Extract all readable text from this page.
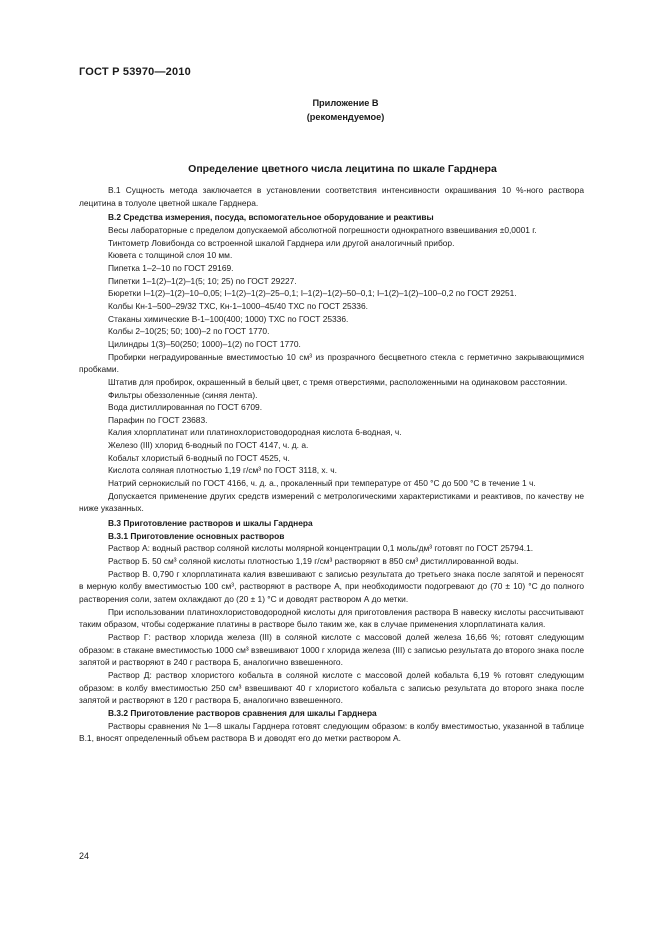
ГОСТ Р 53970—2010
Приложение В
(рекомендуемое)
Определение цветного числа лецитина по шкале Гарднера

В.1 Сущность метода заключается в установлении соответствия интенсивности окрашивания 10 %-ного раствора лецитина в толуоле цветной шкале Гарднера.

В.2 Средства измерения, посуда, вспомогательное оборудование и реактивы

Весы лабораторные с пределом допускаемой абсолютной погрешности однократного взвешивания ±0,0001 г.

Тинтометр Ловибонда со встроенной шкалой Гарднера или другой аналогичный прибор.

Кювета с толщиной слоя 10 мм.

Пипетка 1–2–10 по ГОСТ 29169.

Пипетки 1–1(2)–1(2)–1(5; 10; 25) по ГОСТ 29227.

Бюретки I–1(2)–1(2)–10–0,05; I–1(2)–1(2)–25–0,1; I–1(2)–1(2)–50–0,1; I–1(2)–1(2)–100–0,2 по ГОСТ 29251.

Колбы Кн-1–500–29/32 ТХС, Кн-1–1000–45/40 ТХС по ГОСТ 25336.

Стаканы химические В-1–100(400; 1000) ТХС по ГОСТ 25336.

Колбы 2–10(25; 50; 100)–2 по ГОСТ 1770.

Цилиндры 1(3)–50(250; 1000)–1(2) по ГОСТ 1770.

Пробирки неградуированные вместимостью 10 см³ из прозрачного бесцветного стекла с герметично закрывающимися пробками.

Штатив для пробирок, окрашенный в белый цвет, с тремя отверстиями, расположенными на одинаковом расстоянии.

Фильтры обеззоленные (синяя лента).

Вода дистиллированная по ГОСТ 6709.

Парафин по ГОСТ 23683.

Калия хлорплатинат или платинохлористоводородная кислота 6-водная, ч.

Железо (III) хлорид 6-водный по ГОСТ 4147, ч. д. а.

Кобальт хлористый 6-водный по ГОСТ 4525, ч.

Кислота соляная плотностью 1,19 г/см³ по ГОСТ 3118, х. ч.

Натрий сернокислый по ГОСТ 4166, ч. д. а., прокаленный при температуре от 450 °С до 500 °С в течение 1 ч.

Допускается применение других средств измерений с метрологическими характеристиками и реактивов, по качеству не ниже указанных.

В.3 Приготовление растворов и шкалы Гарднера

В.3.1 Приготовление основных растворов

Раствор А: водный раствор соляной кислоты молярной концентрации 0,1 моль/дм³ готовят по ГОСТ 25794.1.

Раствор Б. 50 см³ соляной кислоты плотностью 1,19 г/см³ растворяют в 850 см³ дистиллированной воды.

Раствор В. 0,790 г хлорплатината калия взвешивают с записью результата до третьего знака после запятой и переносят в мерную колбу вместимостью 100 см³, растворяют в растворе А, при необходимости подогревают до (70 ± 10) °С до полного растворения соли, затем охлаждают до (20 ± 1) °С и доводят раствором А до метки.

При использовании платинохлористоводородной кислоты для приготовления раствора В навеску кислоты рассчитывают таким образом, чтобы содержание платины в растворе было таким же, как в случае применения хлорплатината калия.

Раствор Г: раствор хлорида железа (III) в соляной кислоте с массовой долей железа 16,66 %; готовят следующим образом: в стакане вместимостью 1000 см³ взвешивают 1000 г хлорида железа (III) с записью результата до второго знака после запятой и растворяют в 240 г раствора Б, аналогично взвешенного.

Раствор Д: раствор хлористого кобальта в соляной кислоте с массовой долей кобальта 6,19 % готовят следующим образом: в колбу вместимостью 250 см³ взвешивают 40 г хлористого кобальта с записью результата до второго знака после запятой и растворяют в 120 г раствора Б, аналогично взвешенного.

В.3.2 Приготовление растворов сравнения для шкалы Гарднера

Растворы сравнения № 1—8 шкалы Гарднера готовят следующим образом: в колбу вместимостью, указанной в таблице В.1, вносят определенный объем раствора В и доводят его до метки раствором А.

24
